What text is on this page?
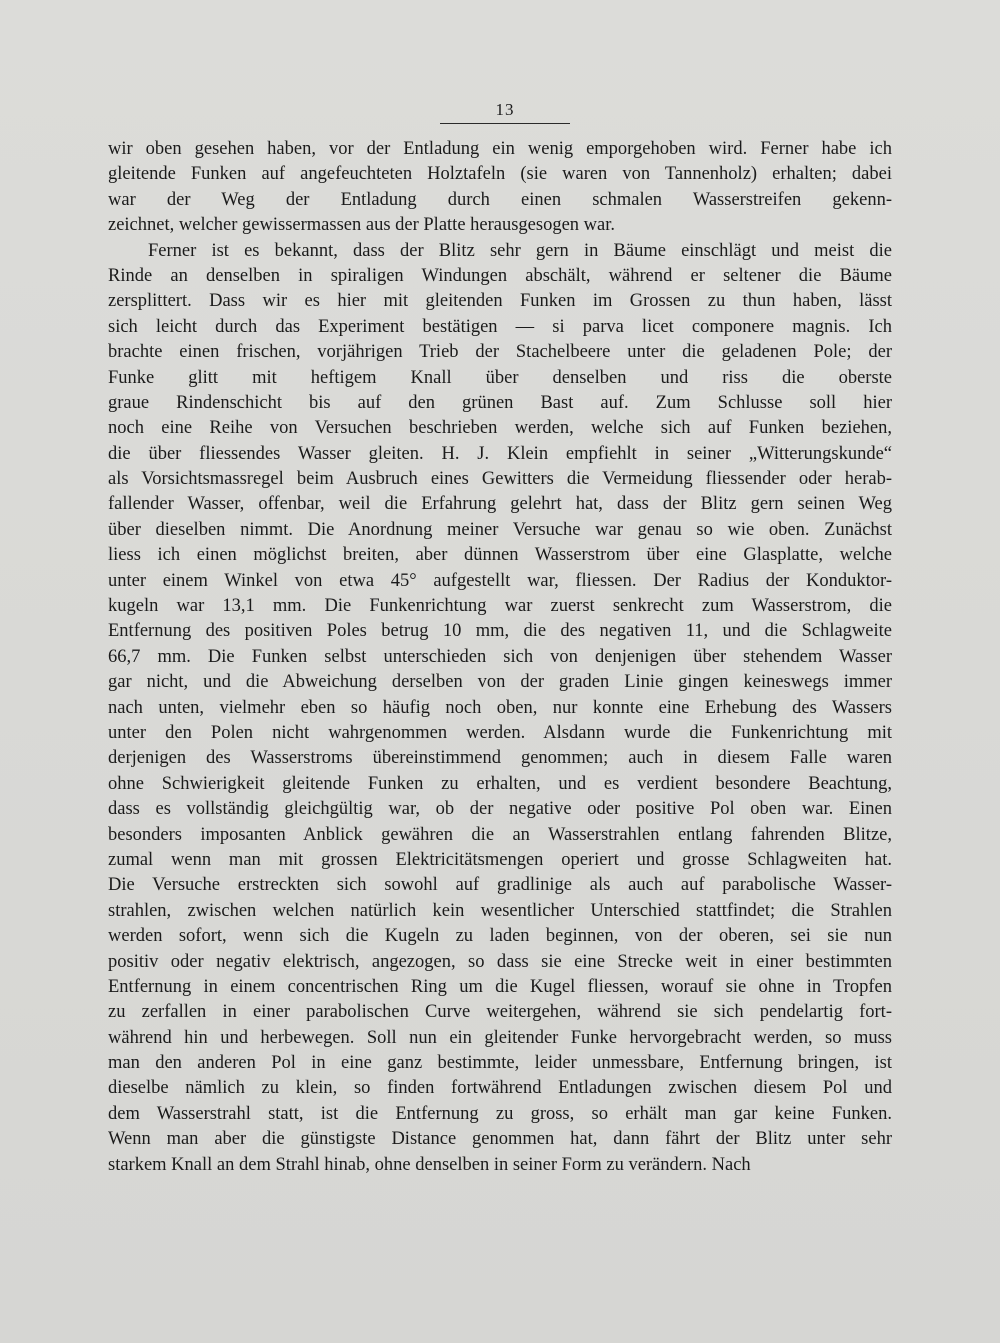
13
wir oben gesehen haben, vor der Entladung ein wenig emporgehoben wird. Ferner habe ich
gleitende Funken auf angefeuchteten Holztafeln (sie waren von Tannenholz) erhalten; dabei
war der Weg der Entladung durch einen schmalen Wasserstreifen gekenn-
zeichnet, welcher gewissermassen aus der Platte herausgesogen war.
Ferner ist es bekannt, dass der Blitz sehr gern in Bäume einschlägt und meist die
Rinde an denselben in spiraligen Windungen abschält, während er seltener die Bäume
zersplittert. Dass wir es hier mit gleitenden Funken im Grossen zu thun haben, lässt
sich leicht durch das Experiment bestätigen — si parva licet componere magnis. Ich
brachte einen frischen, vorjährigen Trieb der Stachelbeere unter die geladenen Pole; der
Funke glitt mit heftigem Knall über denselben und riss die oberste
graue Rindenschicht bis auf den grünen Bast auf. Zum Schlusse soll hier
noch eine Reihe von Versuchen beschrieben werden, welche sich auf Funken beziehen,
die über fliessendes Wasser gleiten. H. J. Klein empfiehlt in seiner „Witterungskunde“
als Vorsichtsmassregel beim Ausbruch eines Gewitters die Vermeidung fliessender oder herab-
fallender Wasser, offenbar, weil die Erfahrung gelehrt hat, dass der Blitz gern seinen Weg
über dieselben nimmt. Die Anordnung meiner Versuche war genau so wie oben. Zunächst
liess ich einen möglichst breiten, aber dünnen Wasserstrom über eine Glasplatte, welche
unter einem Winkel von etwa 45° aufgestellt war, fliessen. Der Radius der Konduktor-
kugeln war 13,1 mm. Die Funkenrichtung war zuerst senkrecht zum Wasserstrom, die
Entfernung des positiven Poles betrug 10 mm, die des negativen 11, und die Schlagweite
66,7 mm. Die Funken selbst unterschieden sich von denjenigen über stehendem Wasser
gar nicht, und die Abweichung derselben von der graden Linie gingen keineswegs immer
nach unten, vielmehr eben so häufig noch oben, nur konnte eine Erhebung des Wassers
unter den Polen nicht wahrgenommen werden. Alsdann wurde die Funkenrichtung mit
derjenigen des Wasserstroms übereinstimmend genommen; auch in diesem Falle waren
ohne Schwierigkeit gleitende Funken zu erhalten, und es verdient besondere Beachtung,
dass es vollständig gleichgültig war, ob der negative oder positive Pol oben war. Einen
besonders imposanten Anblick gewähren die an Wasserstrahlen entlang fahrenden Blitze,
zumal wenn man mit grossen Elektricitätsmengen operiert und grosse Schlagweiten hat.
Die Versuche erstreckten sich sowohl auf gradlinige als auch auf parabolische Wasser-
strahlen, zwischen welchen natürlich kein wesentlicher Unterschied stattfindet; die Strahlen
werden sofort, wenn sich die Kugeln zu laden beginnen, von der oberen, sei sie nun
positiv oder negativ elektrisch, angezogen, so dass sie eine Strecke weit in einer bestimmten
Entfernung in einem concentrischen Ring um die Kugel fliessen, worauf sie ohne in Tropfen
zu zerfallen in einer parabolischen Curve weitergehen, während sie sich pendelartig fort-
während hin und herbewegen. Soll nun ein gleitender Funke hervorgebracht werden, so muss
man den anderen Pol in eine ganz bestimmte, leider unmessbare, Entfernung bringen, ist
dieselbe nämlich zu klein, so finden fortwährend Entladungen zwischen diesem Pol und
dem Wasserstrahl statt, ist die Entfernung zu gross, so erhält man gar keine Funken.
Wenn man aber die günstigste Distance genommen hat, dann fährt der Blitz unter sehr
starkem Knall an dem Strahl hinab, ohne denselben in seiner Form zu verändern. Nach
